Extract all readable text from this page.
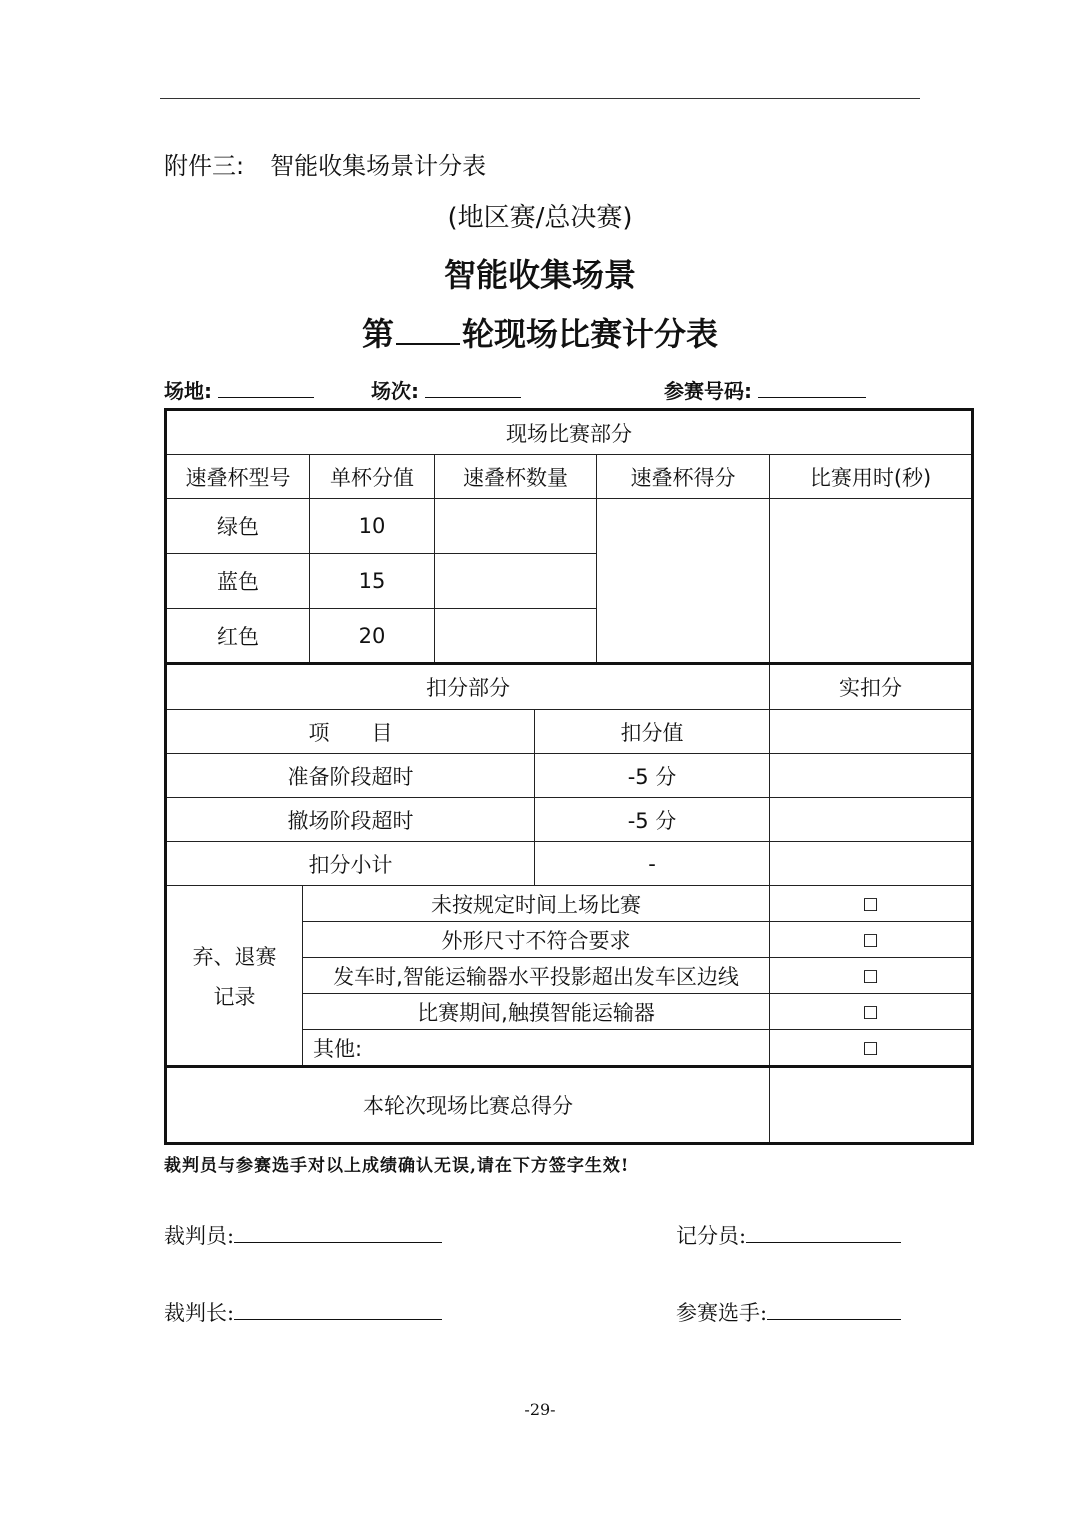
附件三: 智能收集场景计分表
(地区赛/总决赛)
智能收集场景
第 轮现场比赛计分表
场地:	场次:	参赛号码:
现场比赛部分						
速叠杯型号		单杯分值	速叠杯数量		速叠杯得分	比赛用时(秒)
绿色		10				
蓝色		15				
红色		20				
扣分部分						实扣分
项　　目				扣分值		
准备阶段超时				-5 分		
撤场阶段超时				-5 分		
扣分小计				-		

弃、退赛
记录	未按规定时间上场比赛					□
	外形尺寸不符合要求					□
	发车时,智能运输器水平投影超出发车区边线					□
	比赛期间,触摸智能运输器					□
	其他:					□
本轮次现场比赛总得分						
裁判员与参赛选手对以上成绩确认无误,请在下方签字生效!
裁判员:	记分员:
裁判长:	参赛选手:
-29-
